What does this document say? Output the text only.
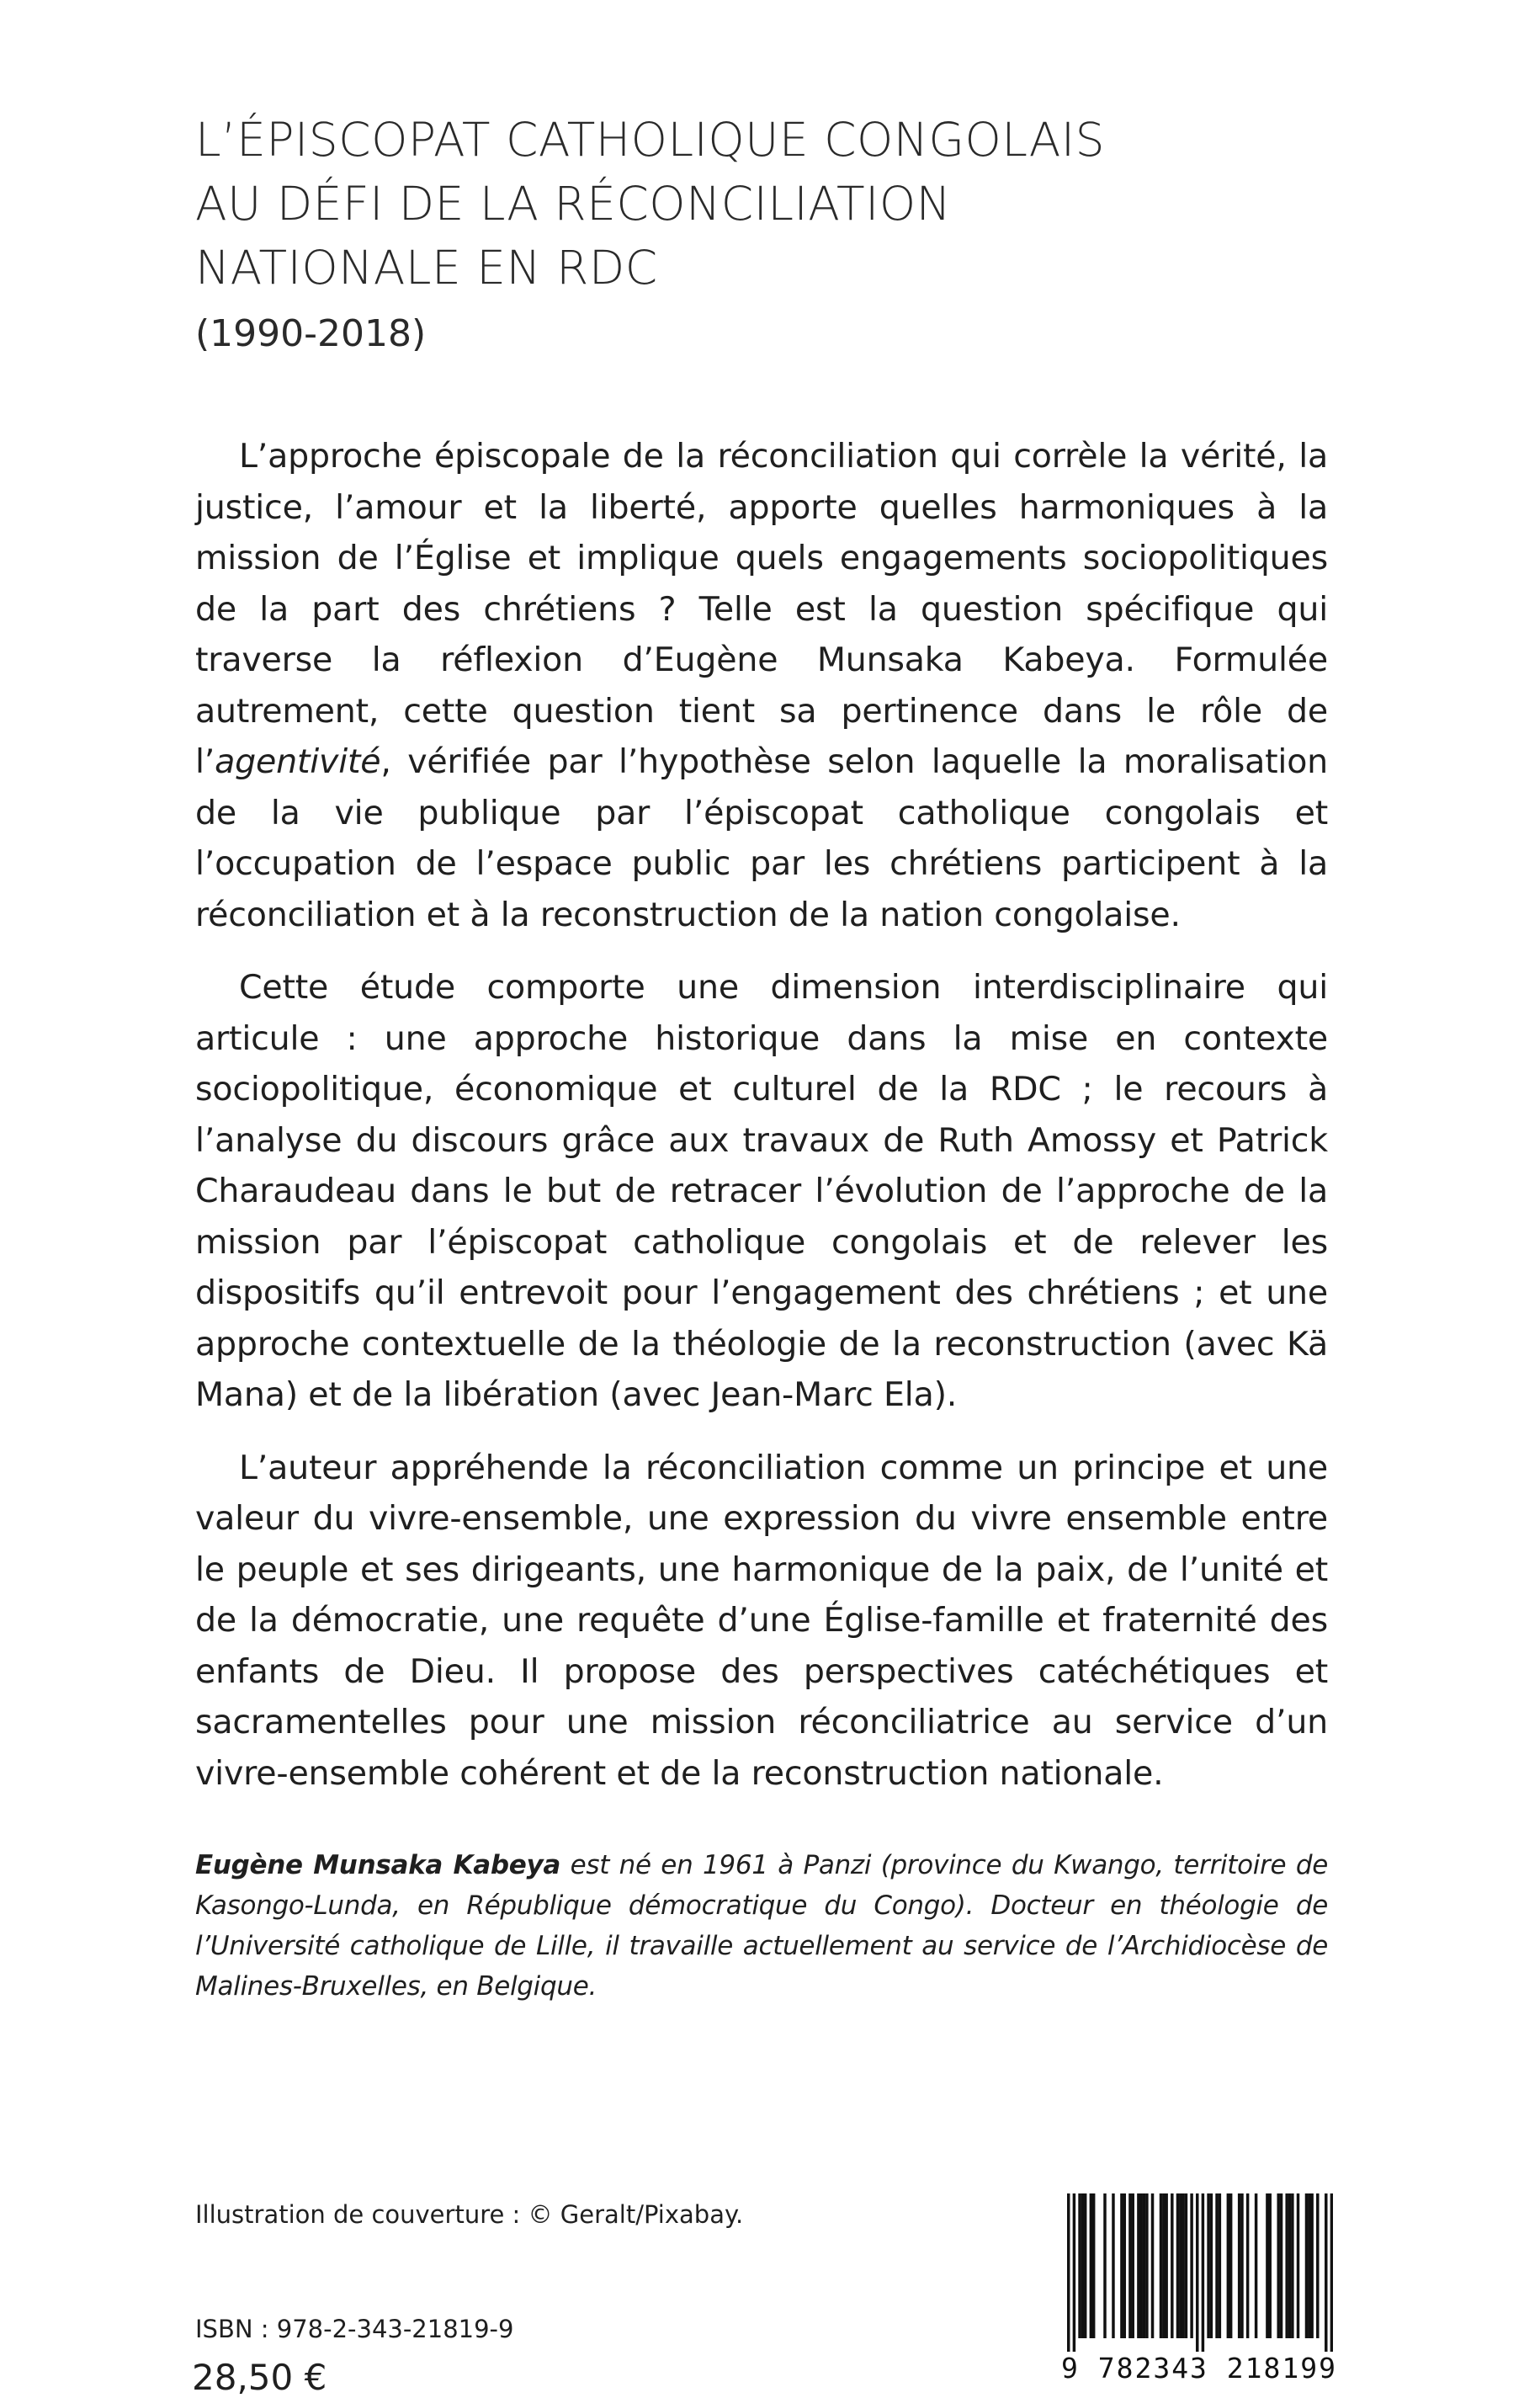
L’ÉPISCOPAT CATHOLIQUE CONGOLAIS
AU DÉFI DE LA RÉCONCILIATION
NATIONALE EN RDC
(1990-2018)

L’approche épiscopale de la réconciliation qui corrèle la vérité, la justice, l’amour et la liberté, apporte quelles harmoniques à la mission de l’Église et implique quels engagements sociopolitiques de la part des chrétiens ? Telle est la question spécifique qui traverse la réflexion d’Eugène Munsaka Kabeya. Formulée autrement, cette question tient sa pertinence dans le rôle de l’agentivité, vérifiée par l’hypothèse selon laquelle la moralisation de la vie publique par l’épiscopat catholique congolais et l’occupation de l’espace public par les chrétiens participent à la réconciliation et à la reconstruction de la nation congolaise.

Cette étude comporte une dimension interdisciplinaire qui articule : une approche historique dans la mise en contexte sociopolitique, économique et culturel de la RDC ; le recours à l’analyse du discours grâce aux travaux de Ruth Amossy et Patrick Charaudeau dans le but de retracer l’évolution de l’approche de la mission par l’épiscopat catholique congolais et de relever les dispositifs qu’il entrevoit pour l’engagement des chrétiens ; et une approche contextuelle de la théologie de la reconstruction (avec Kä Mana) et de la libération (avec Jean-Marc Ela).

L’auteur appréhende la réconciliation comme un principe et une valeur du vivre-ensemble, une expression du vivre ensemble entre le peuple et ses dirigeants, une harmonique de la paix, de l’unité et de la démocratie, une requête d’une Église-famille et fraternité des enfants de Dieu. Il propose des perspectives catéchétiques et sacramentelles pour une mission réconciliatrice au service d’un vivre-ensemble cohérent et de la reconstruction nationale.

Eugène Munsaka Kabeya est né en 1961 à Panzi (province du Kwango, territoire de Kasongo-Lunda, en République démocratique du Congo). Docteur en théologie de l’Université catholique de Lille, il travaille actuellement au service de l’Archidiocèse de Malines-Bruxelles, en Belgique.
Illustration de couverture : © Geralt/Pixabay.
ISBN : 978-2-343-21819-9
28,50 €	9 782343 218199
